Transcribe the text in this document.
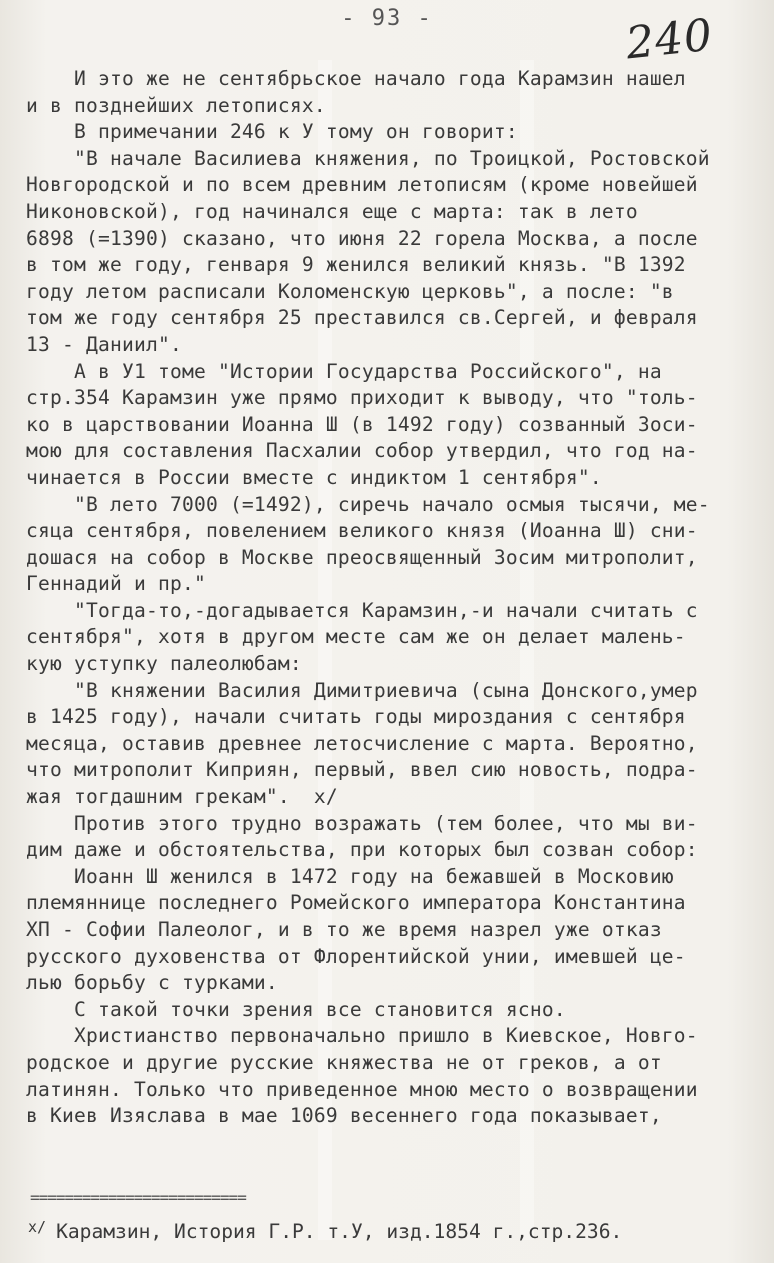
- 93 -	240
И это же не сентябрьское начало года Карамзин нашел
и в позднейших летописях.
В примечании 246 к У тому он говорит:
"В начале Василиева княжения, по Троицкой, Ростовской
Новгородской и по всем древним летописям (кроме новейшей
Никоновской), год начинался еще с марта: так в лето
6898 (=1390) сказано, что июня 22 горела Москва, а после
в том же году, генваря 9 женился великий князь. "В 1392
году летом расписали Коломенскую церковь", а после: "в
том же году сентября 25 преставился св.Сергей, и февраля
13 - Даниил".
А в У1 томе "Истории Государства Российского", на
стр.354 Карамзин уже прямо приходит к выводу, что "толь-
ко в царствовании Иоанна Ш (в 1492 году) созванный Зоси-
мою для составления Пасхалии собор утвердил, что год на-
чинается в России вместе с индиктом 1 сентября".
"В лето 7000 (=1492), сиречь начало осмыя тысячи, ме-
сяца сентября, повелением великого князя (Иоанна Ш) сни-
дошася на собор в Москве преосвященный Зосим митрополит,
Геннадий и пр."
"Тогда-то,-догадывается Карамзин,-и начали считать с
сентября", хотя в другом месте сам же он делает малень-
кую уступку палеолюбам:
"В княжении Василия Димитриевича (сына Донского,умер
в 1425 году), начали считать годы мироздания с сентября
месяца, оставив древнее летосчисление с марта. Вероятно,
что митрополит Киприян, первый, ввел сию новость, подра-
жая тогдашним грекам".  х/
Против этого трудно возражать (тем более, что мы ви-
дим даже и обстоятельства, при которых был созван собор:
Иоанн Ш женился в 1472 году на бежавшей в Московию
племяннице последнего Ромейского императора Константина
ХП - Софии Палеолог, и в то же время назрел уже отказ
русского духовенства от Флорентийской унии, имевшей це-
лью борьбу с турками.
С такой точки зрения все становится ясно.
Христианство первоначально пришло в Киевское, Новго-
родское и другие русские княжества не от греков, а от
латинян. Только что приведенное мною место о возвращении
в Киев Изяслава в мае 1069 весеннего года показывает,
=========================
$^{х/}$ Карамзин, История Г.Р. т.У, изд.1854 г.,стр.236.
